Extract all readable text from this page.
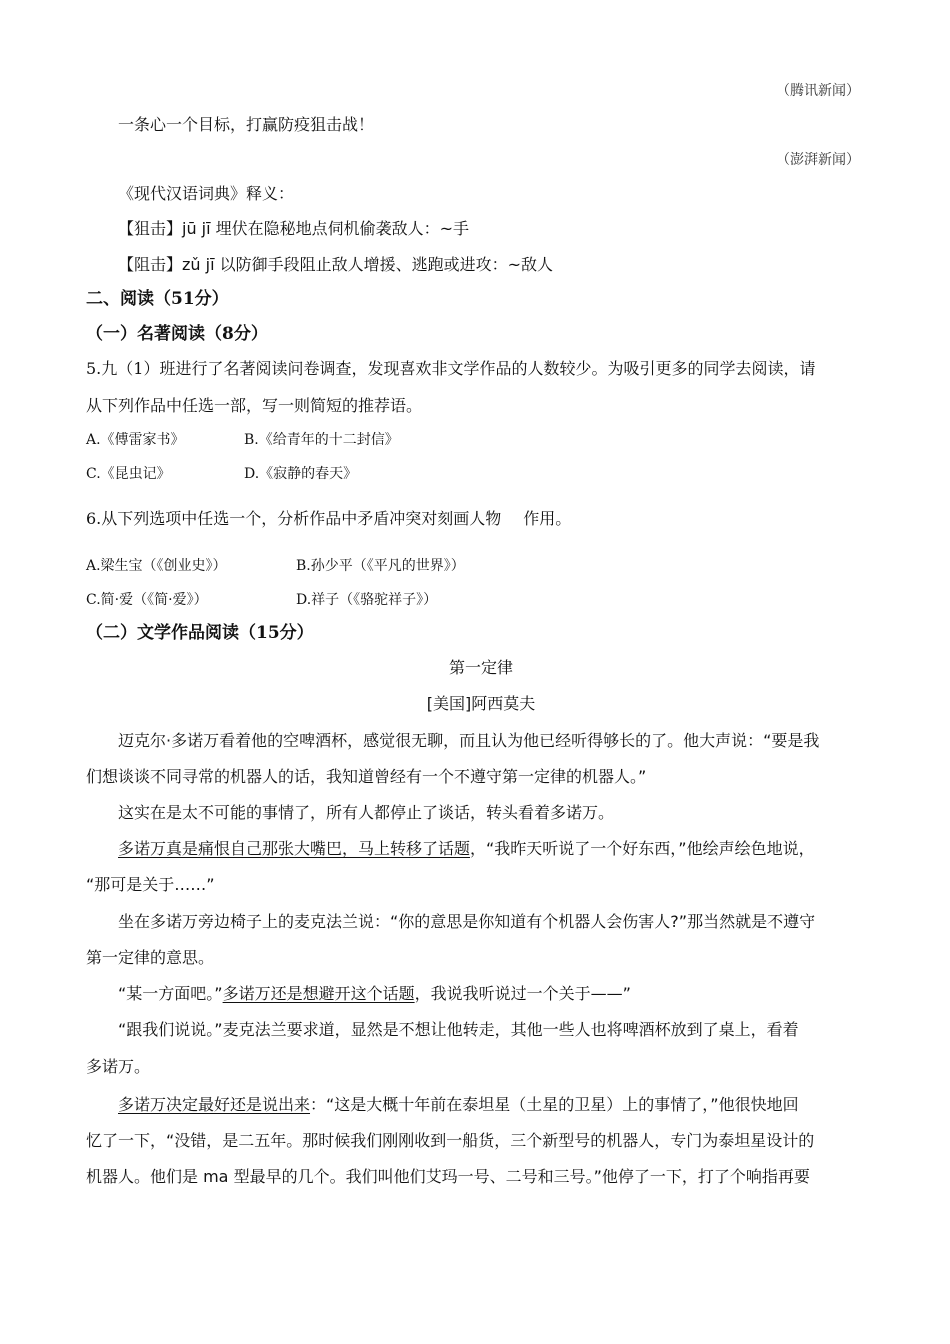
（腾讯新闻）
一条心一个目标，打赢防疫狙击战！
（澎湃新闻）
《现代汉语词典》释义：
【狙击】jū jī 埋伏在隐秘地点伺机偷袭敌人：~手
【阻击】zǔ jī 以防御手段阻止敌人增援、逃跑或进攻：~敌人
二、阅读（51分）
（一）名著阅读（8分）
5.九（1）班进行了名著阅读问卷调查，发现喜欢非文学作品的人数较少。为吸引更多的同学去阅读，请
从下列作品中任选一部，写一则简短的推荐语。
A.《傅雷家书》	B.《给青年的十二封信》
C.《昆虫记》	D.《寂静的春天》
6.从下列选项中任选一个，分析作品中矛盾冲突对刻画人物 作用。
A.梁生宝（《创业史》）	B.孙少平（《平凡的世界》）
C.简·爱（《简·爱》）	D.祥子（《骆驼祥子》）
（二）文学作品阅读（15分）
第一定律
[美国]阿西莫夫
迈克尔·多诺万看着他的空啤酒杯，感觉很无聊，而且认为他已经听得够长的了。他大声说：“要是我
们想谈谈不同寻常的机器人的话，我知道曾经有一个不遵守第一定律的机器人。”
这实在是太不可能的事情了，所有人都停止了谈话，转头看着多诺万。
多诺万真是痛恨自己那张大嘴巴，马上转移了话题，“我昨天听说了一个好东西，”他绘声绘色地说，
“那可是关于……”
坐在多诺万旁边椅子上的麦克法兰说：“你的意思是你知道有个机器人会伤害人?”那当然就是不遵守
第一定律的意思。
“某一方面吧。”多诺万还是想避开这个话题，我说我听说过一个关于——”
“跟我们说说。”麦克法兰要求道，显然是不想让他转走，其他一些人也将啤酒杯放到了桌上，看着
多诺万。
多诺万决定最好还是说出来：“这是大概十年前在泰坦星（土星的卫星）上的事情了，”他很快地回
忆了一下，“没错，是二五年。那时候我们刚刚收到一船货，三个新型号的机器人，专门为泰坦星设计的
机器人。他们是 ma 型最早的几个。我们叫他们艾玛一号、二号和三号。”他停了一下，打了个响指再要
